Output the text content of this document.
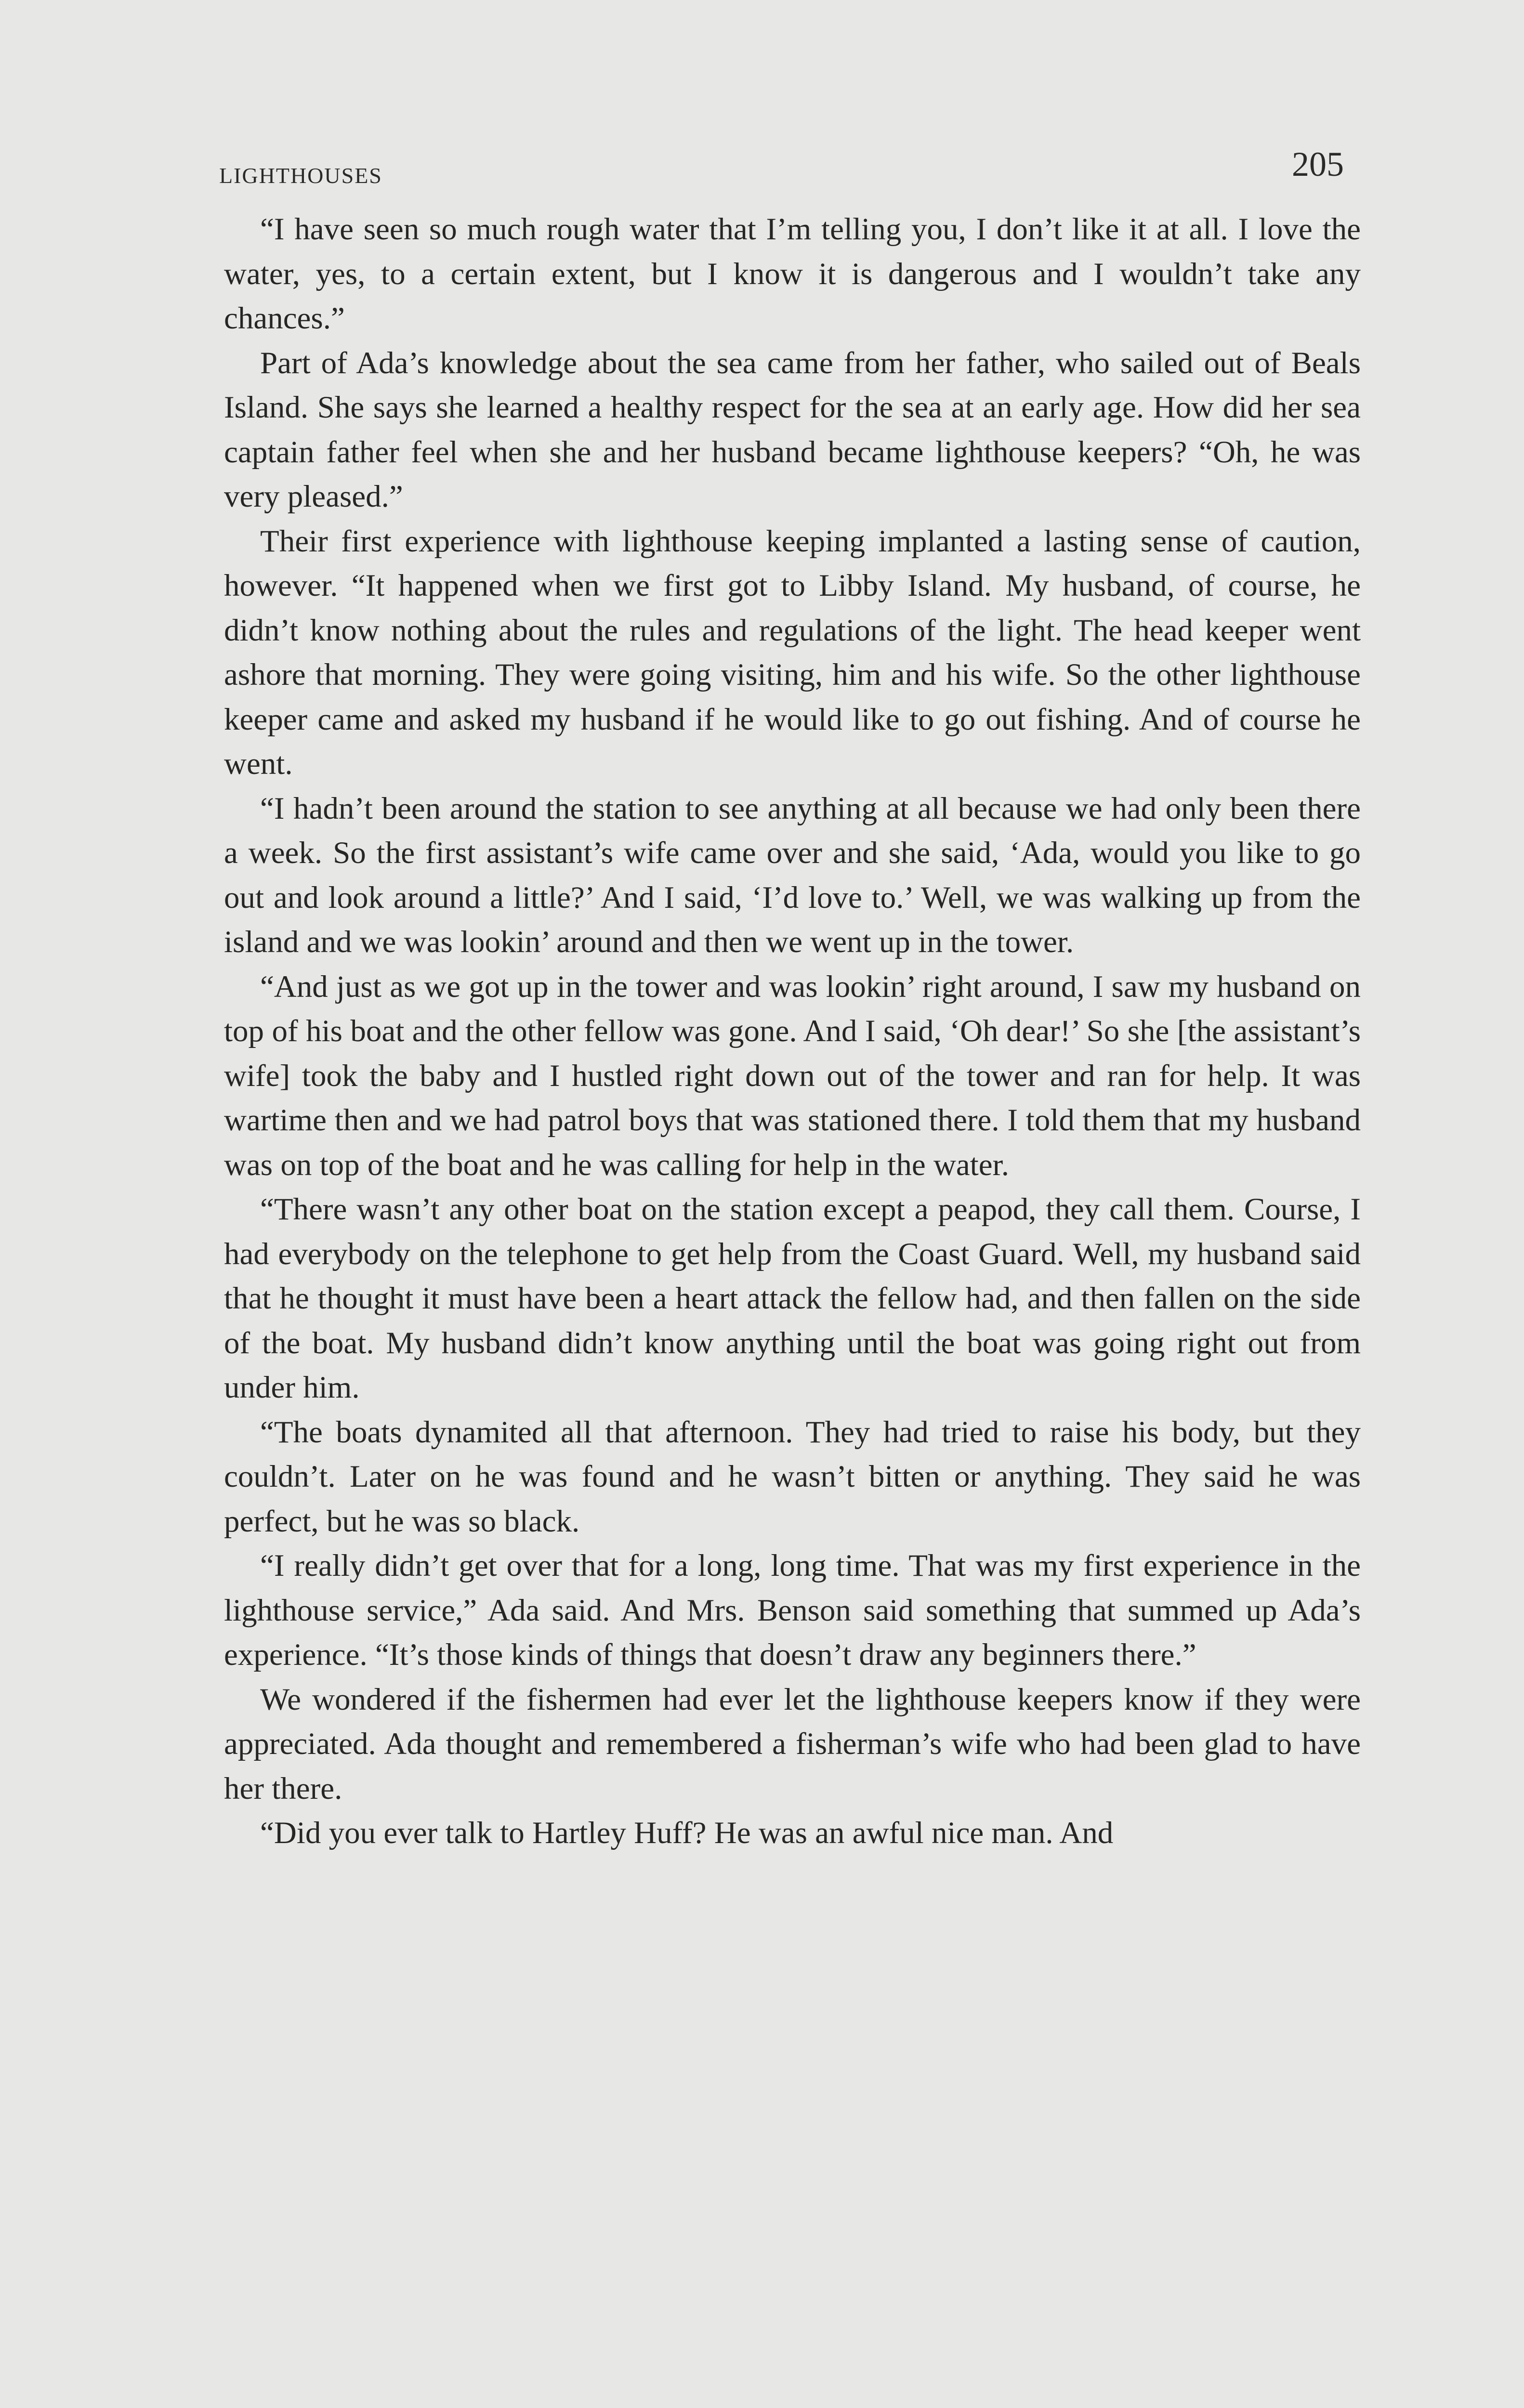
LIGHTHOUSES	205

“I have seen so much rough water that I’m telling you, I don’t like it at all. I love the water, yes, to a certain extent, but I know it is dangerous and I wouldn’t take any chances.”

Part of Ada’s knowledge about the sea came from her father, who sailed out of Beals Island. She says she learned a healthy respect for the sea at an early age. How did her sea captain father feel when she and her husband became lighthouse keepers? “Oh, he was very pleased.”

Their first experience with lighthouse keeping implanted a lasting sense of caution, however. “It happened when we first got to Libby Island. My husband, of course, he didn’t know nothing about the rules and regulations of the light. The head keeper went ashore that morning. They were going visiting, him and his wife. So the other lighthouse keeper came and asked my husband if he would like to go out fishing. And of course he went.

“I hadn’t been around the station to see anything at all because we had only been there a week. So the first assistant’s wife came over and she said, ‘Ada, would you like to go out and look around a little?’ And I said, ‘I’d love to.’ Well, we was walking up from the island and we was lookin’ around and then we went up in the tower.

“And just as we got up in the tower and was lookin’ right around, I saw my husband on top of his boat and the other fellow was gone. And I said, ‘Oh dear!’ So she [the assistant’s wife] took the baby and I hustled right down out of the tower and ran for help. It was wartime then and we had patrol boys that was stationed there. I told them that my husband was on top of the boat and he was calling for help in the water.

“There wasn’t any other boat on the station except a peapod, they call them. Course, I had everybody on the telephone to get help from the Coast Guard. Well, my husband said that he thought it must have been a heart attack the fellow had, and then fallen on the side of the boat. My husband didn’t know anything until the boat was going right out from under him.

“The boats dynamited all that afternoon. They had tried to raise his body, but they couldn’t. Later on he was found and he wasn’t bitten or anything. They said he was perfect, but he was so black.

“I really didn’t get over that for a long, long time. That was my first experience in the lighthouse service,” Ada said. And Mrs. Benson said something that summed up Ada’s experience. “It’s those kinds of things that doesn’t draw any beginners there.”

We wondered if the fishermen had ever let the lighthouse keepers know if they were appreciated. Ada thought and remembered a fisherman’s wife who had been glad to have her there.

“Did you ever talk to Hartley Huff? He was an awful nice man. And
